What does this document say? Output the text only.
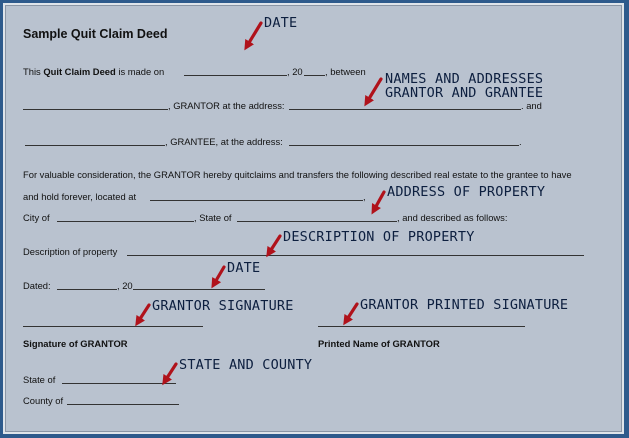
Sample Quit Claim Deed
This Quit Claim Deed is made on	, 20 , between
, GRANTOR at the address:	. and
, GRANTEE, at the address:	.
For valuable consideration, the GRANTOR hereby quitclaims and transfers the following described real estate to the grantee to have
and hold forever, located at	,
City of	, State of	, and described as follows:
Description of property
Dated:	, 20
Signature of GRANTOR	Printed Name of GRANTOR
State of
County of
DATE
NAMES AND ADDRESSES
GRANTOR AND GRANTEE
ADDRESS OF PROPERTY
DESCRIPTION OF PROPERTY
DATE
GRANTOR SIGNATURE	GRANTOR PRINTED SIGNATURE
STATE AND COUNTY
